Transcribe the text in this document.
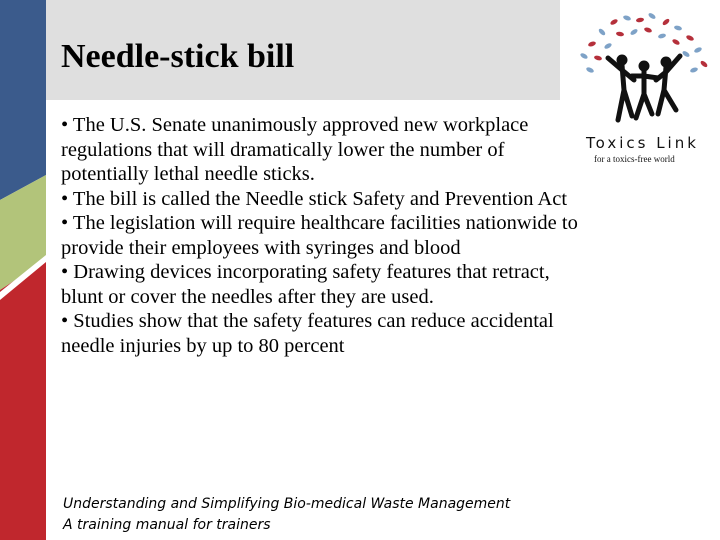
Needle-stick bill

• The U.S. Senate unanimously approved new workplace regulations that will dramatically lower the number of potentially lethal needle sticks.

• The bill is called the Needle stick Safety and Prevention Act

• The legislation will require healthcare facilities nationwide to provide their employees with syringes and blood

• Drawing devices incorporating safety features that retract, blunt or cover the needles after they are used.

• Studies show that the safety features can reduce accidental needle injuries by up to 80 percent

Understanding and Simplifying Bio-medical Waste Management
A training manual for trainers
Toxics Link
for a toxics-free world
